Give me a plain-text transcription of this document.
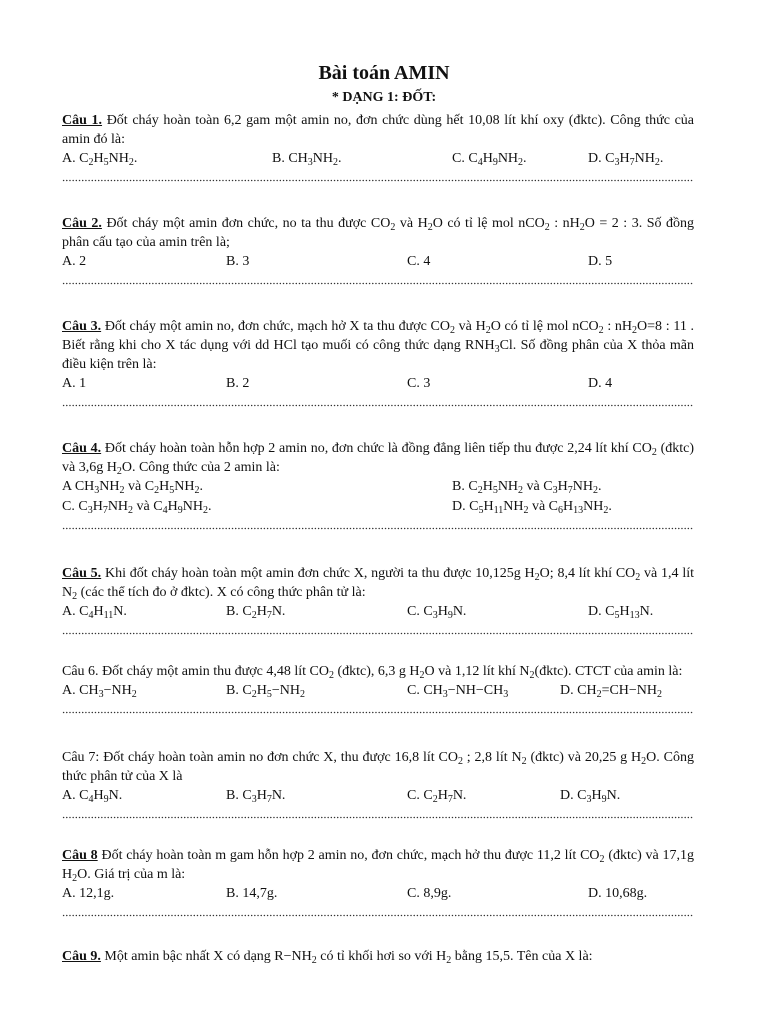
Bài toán AMIN
* DẠNG 1: ĐỐT:
Câu 1. Đốt cháy hoàn toàn 6,2 gam một amin no, đơn chức dùng hết 10,08 lít khí oxy (đktc). Công thức của amin đó là:
A. $C_2H_5NH_2$.	B. $CH_3NH_2$.	C. $C_4H_9NH_2$.	D. $C_3H_7NH_2$.
Câu 2. Đốt cháy một amin đơn chức, no ta thu được $CO_2$ và $H_2O$ có tỉ lệ mol nCO$_2$ : $nH_2O = 2$ : 3. Số đồng phân cấu tạo của amin trên là;
A. 2	B. 3	C. 4	D. 5
Câu 3. Đốt cháy một amin no, đơn chức, mạch hở X ta thu được $CO_2$ và $H_2O$ có tỉ lệ mol nCO$_2$ : $nH_2O=8$ : 11 . Biết rằng khi cho X tác dụng với dd HCl tạo muối có công thức dạng $RNH_3Cl$. Số đồng phân của X thỏa mãn điều kiện trên là:
A. 1	B. 2	C. 3	D. 4
Câu 4. Đốt cháy hoàn toàn hỗn hợp 2 amin no, đơn chức là đồng đẳng liên tiếp thu được 2,24 lít khí $CO_2$ (đktc) và 3,6g $H_2O$. Công thức của 2 amin là:
A $CH_3NH_2$ và $C_2H_5NH_2$.	B. $C_2H_5NH_2$ và $C_3H_7NH_2$.
C. $C_3H_7NH_2$ và $C_4H_9NH_2$.	D. $C_5H_{11}NH_2$ và $C_6H_{13}NH_2$.
Câu 5. Khi đốt cháy hoàn toàn một amin đơn chức X, người ta thu được 10,125g $H_2O$; 8,4 lít khí $CO_2$ và 1,4 lít $N_2$ (các thể tích đo ở đktc). X có công thức phân tử là:
A. $C_4H_{11}N$.	B. $C_2H_7N$.	C. $C_3H_9N$.	D. $C_5H_{13}N$.
Câu 6. Đốt cháy một amin thu được 4,48 lít $CO_2$ (đktc), 6,3 g $H_2O$ và 1,12 lít khí $N_2(đktc)$. CTCT của amin là:
A. $CH_3-NH_2$	B. $C_2H_5-NH_2$	C. $CH_3-NH-CH_3$	D. $CH_2=CH-NH_2$
Câu 7: Đốt cháy hoàn toàn amin no đơn chức X, thu được 16,8 lít $CO_2$ ; 2,8 lít $N_2$ (đktc) và 20,25 g $H_2O$. Công thức phân tử của X là
A. $C_4H_9N$.	B. $C_3H_7N$.	C. $C_2H_7N$.	D. $C_3H_9N$.
Câu 8 Đốt cháy hoàn toàn m gam hỗn hợp 2 amin no, đơn chức, mạch hở thu được 11,2 lít $CO_2$ (đktc) và 17,1g $H_2O$. Giá trị của m là:
A. 12,1g.	B. 14,7g.	C. 8,9g.	D. 10,68g.
Câu 9. Một amin bậc nhất X có dạng $R-NH_2$ có tỉ khối hơi so với $H_2$ bằng 15,5. Tên của X là:
